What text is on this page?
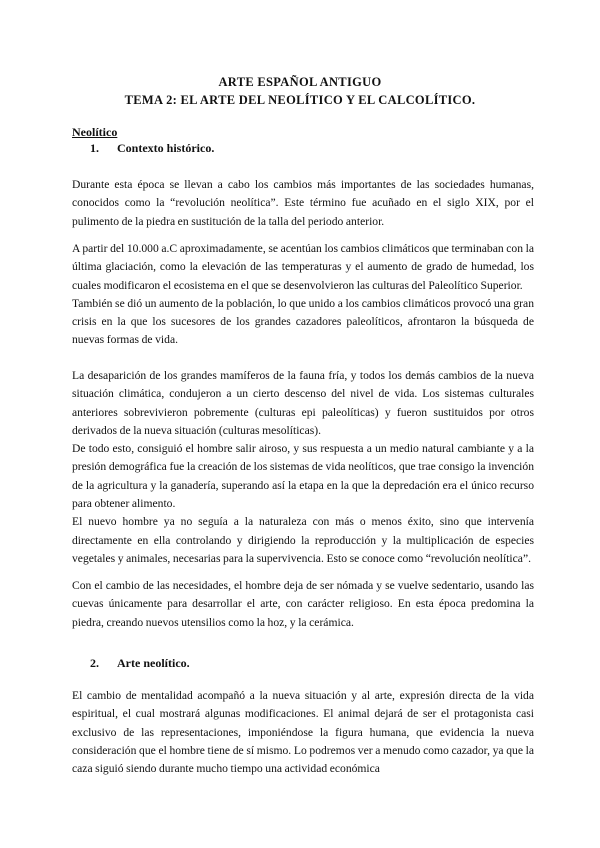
ARTE ESPAÑOL ANTIGUO
TEMA 2: EL ARTE DEL NEOLÍTICO Y EL CALCOLÍTICO.
Neolítico
1. Contexto histórico.

Durante esta época se llevan a cabo los cambios más importantes de las sociedades humanas, conocidos como la “revolución neolítica”. Este término fue acuñado en el siglo XIX, por el pulimento de la piedra en sustitución de la talla del periodo anterior.

A partir del 10.000 a.C aproximadamente, se acentúan los cambios climáticos que terminaban con la última glaciación, como la elevación de las temperaturas y el aumento de grado de humedad, los cuales modificaron el ecosistema en el que se desenvolvieron las culturas del Paleolítico Superior.

También se dió un aumento de la población, lo que unido a los cambios climáticos provocó una gran crisis en la que los sucesores de los grandes cazadores paleolíticos, afrontaron la búsqueda de nuevas formas de vida.

La desaparición de los grandes mamíferos de la fauna fría, y todos los demás cambios de la nueva situación climática, condujeron a un cierto descenso del nivel de vida. Los sistemas culturales anteriores sobrevivieron pobremente (culturas epi paleolíticas) y fueron sustituidos por otros derivados de la nueva situación (culturas mesolíticas).

De todo esto, consiguió el hombre salir airoso, y sus respuesta a un medio natural cambiante y a la presión demográfica fue la creación de los sistemas de vida neolíticos, que trae consigo la invención de la agricultura y la ganadería, superando así la etapa en la que la depredación era el único recurso para obtener alimento.

El nuevo hombre ya no seguía a la naturaleza con más o menos éxito, sino que intervenía directamente en ella controlando y dirigiendo la reproducción y la multiplicación de especies vegetales y animales, necesarias para la supervivencia. Esto se conoce como “revolución neolítica”.

Con el cambio de las necesidades, el hombre deja de ser nómada y se vuelve sedentario, usando las cuevas únicamente para desarrollar el arte, con carácter religioso. En esta época predomina la piedra, creando nuevos utensilios como la hoz, y la cerámica.

2. Arte neolítico.

El cambio de mentalidad acompañó a la nueva situación y al arte, expresión directa de la vida espiritual, el cual mostrará algunas modificaciones. El animal dejará de ser el protagonista casi exclusivo de las representaciones, imponiéndose la figura humana, que evidencia la nueva consideración que el hombre tiene de sí mismo. Lo podremos ver a menudo como cazador, ya que la caza siguió siendo durante mucho tiempo una actividad económica
